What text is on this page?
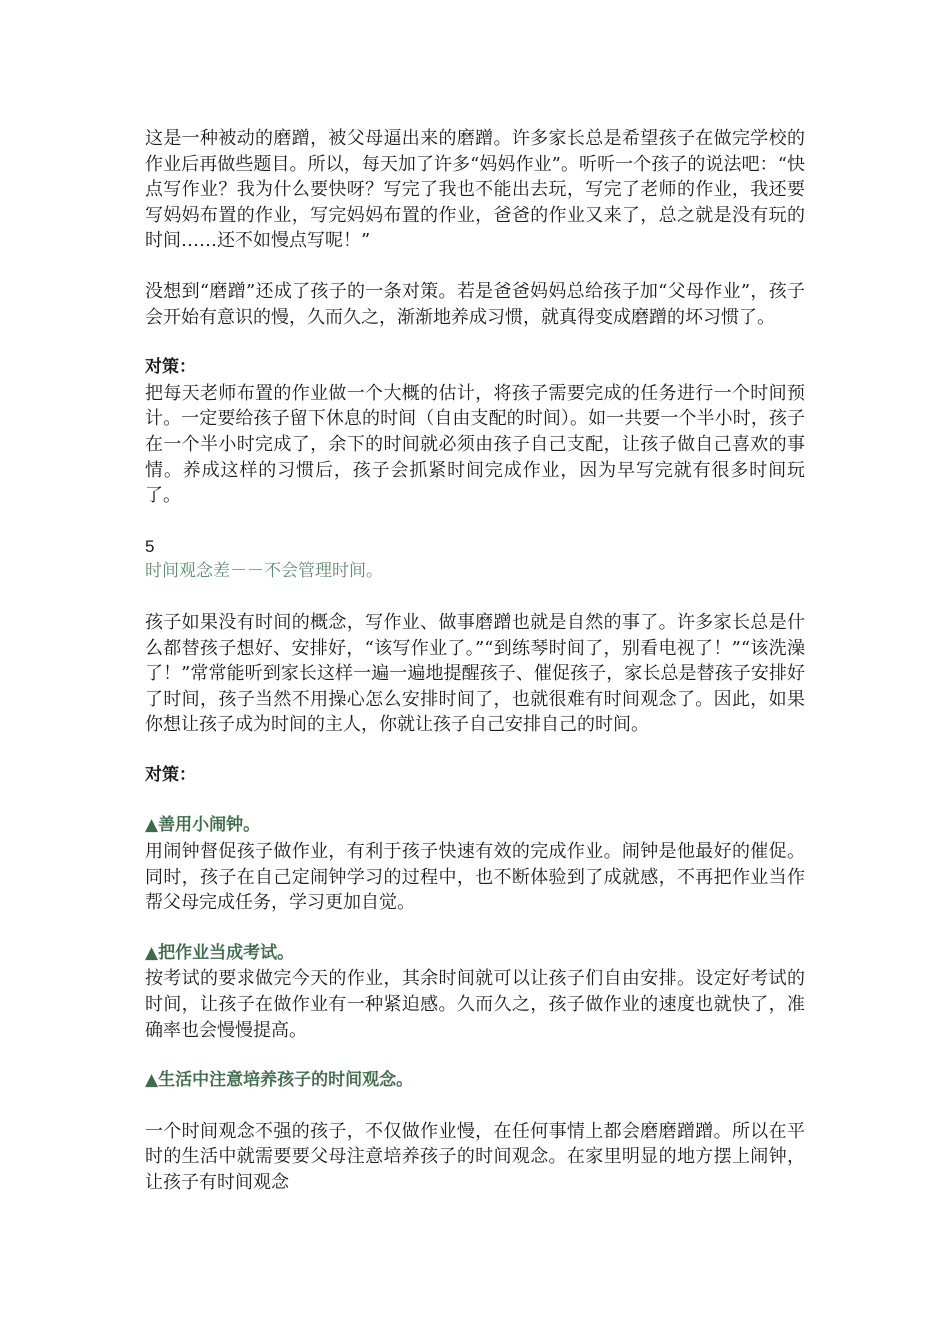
这是一种被动的磨蹭，被父母逼出来的磨蹭。许多家长总是希望孩子在做完学校的作业后再做些题目。所以，每天加了许多“妈妈作业”。听听一个孩子的说法吧：“快点写作业？我为什么要快呀？写完了我也不能出去玩，写完了老师的作业，我还要写妈妈布置的作业，写完妈妈布置的作业，爸爸的作业又来了，总之就是没有玩的时间……还不如慢点写呢！”

没想到“磨蹭”还成了孩子的一条对策。若是爸爸妈妈总给孩子加“父母作业”，孩子会开始有意识的慢，久而久之，渐渐地养成习惯，就真得变成磨蹭的坏习惯了。

对策：

把每天老师布置的作业做一个大概的估计，将孩子需要完成的任务进行一个时间预计。一定要给孩子留下休息的时间（自由支配的时间）。如一共要一个半小时，孩子在一个半小时完成了，余下的时间就必须由孩子自己支配，让孩子做自己喜欢的事情。养成这样的习惯后，孩子会抓紧时间完成作业，因为早写完就有很多时间玩了。

5

时间观念差－－不会管理时间。

孩子如果没有时间的概念，写作业、做事磨蹭也就是自然的事了。许多家长总是什么都替孩子想好、安排好，“该写作业了。”“到练琴时间了，别看电视了！”“该洗澡了！”常常能听到家长这样一遍一遍地提醒孩子、催促孩子，家长总是替孩子安排好了时间，孩子当然不用操心怎么安排时间了，也就很难有时间观念了。因此，如果你想让孩子成为时间的主人，你就让孩子自己安排自己的时间。

对策：

▲善用小闹钟。

用闹钟督促孩子做作业，有利于孩子快速有效的完成作业。闹钟是他最好的催促。同时，孩子在自己定闹钟学习的过程中，也不断体验到了成就感，不再把作业当作帮父母完成任务，学习更加自觉。

▲把作业当成考试。

按考试的要求做完今天的作业，其余时间就可以让孩子们自由安排。设定好考试的时间，让孩子在做作业有一种紧迫感。久而久之，孩子做作业的速度也就快了，准确率也会慢慢提高。

▲生活中注意培养孩子的时间观念。

一个时间观念不强的孩子，不仅做作业慢，在任何事情上都会磨磨蹭蹭。所以在平时的生活中就需要要父母注意培养孩子的时间观念。在家里明显的地方摆上闹钟，让孩子有时间观念
